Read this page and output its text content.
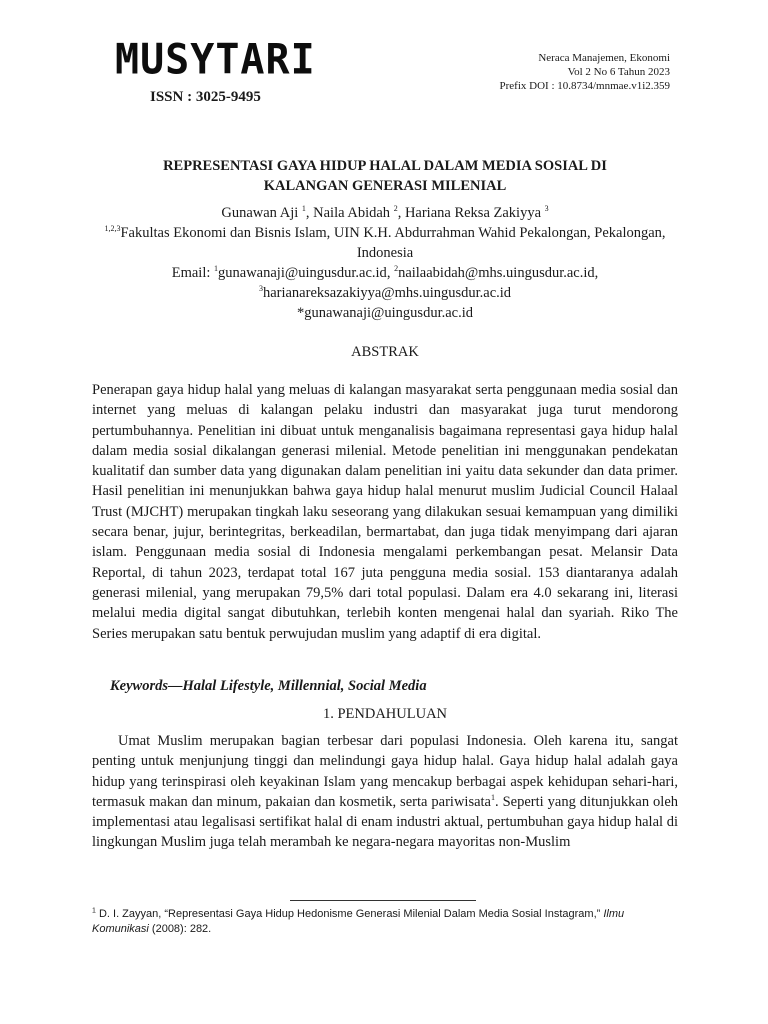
MUSYTARI
ISSN : 3025-9495
Neraca Manajemen, Ekonomi
Vol 2 No 6 Tahun 2023
Prefix DOI : 10.8734/mnmae.v1i2.359
REPRESENTASI GAYA HIDUP HALAL DALAM MEDIA SOSIAL DI
KALANGAN GENERASI MILENIAL
Gunawan Aji $^1$, Naila Abidah $^2$, Hariana Reksa Zakiyya $^3$
$^{1,2,3}$Fakultas Ekonomi dan Bisnis Islam, UIN K.H. Abdurrahman Wahid Pekalongan, Pekalongan, Indonesia
Email: $^1$gunawanaji@uingusdur.ac.id, $^2$nailaabidah@mhs.uingusdur.ac.id,
$^3$harianareksazakiyya@mhs.uingusdur.ac.id
*gunawanaji@uingusdur.ac.id
ABSTRAK
Penerapan gaya hidup halal yang meluas di kalangan masyarakat serta penggunaan media sosial dan internet yang meluas di kalangan pelaku industri dan masyarakat juga turut mendorong pertumbuhannya. Penelitian ini dibuat untuk menganalisis bagaimana representasi gaya hidup halal dalam media sosial dikalangan generasi milenial. Metode penelitian ini menggunakan pendekatan kualitatif dan sumber data yang digunakan dalam penelitian ini yaitu data sekunder dan data primer. Hasil penelitian ini menunjukkan bahwa gaya hidup halal menurut muslim Judicial Council Halaal Trust (MJCHT) merupakan tingkah laku seseorang yang dilakukan sesuai kemampuan yang dimiliki secara benar, jujur, berintegritas, berkeadilan, bermartabat, dan juga tidak menyimpang dari ajaran islam. Penggunaan media sosial di Indonesia mengalami perkembangan pesat. Melansir Data Reportal, di tahun 2023, terdapat total 167 juta pengguna media sosial. 153 diantaranya adalah generasi milenial, yang merupakan 79,5% dari total populasi. Dalam era 4.0 sekarang ini, literasi melalui media digital sangat dibutuhkan, terlebih konten mengenai halal dan syariah. Riko The Series merupakan satu bentuk perwujudan muslim yang adaptif di era digital.
Keywords—Halal Lifestyle, Millennial, Social Media
1. PENDAHULUAN
Umat Muslim merupakan bagian terbesar dari populasi Indonesia. Oleh karena itu, sangat penting untuk menjunjung tinggi dan melindungi gaya hidup halal. Gaya hidup halal adalah gaya hidup yang terinspirasi oleh keyakinan Islam yang mencakup berbagai aspek kehidupan sehari-hari, termasuk makan dan minum, pakaian dan kosmetik, serta pariwisata$^1$. Seperti yang ditunjukkan oleh implementasi atau legalisasi sertifikat halal di enam industri aktual, pertumbuhan gaya hidup halal di lingkungan Muslim juga telah merambah ke negara-negara mayoritas non-Muslim
$^1$ D. I. Zayyan, “Representasi Gaya Hidup Hedonisme Generasi Milenial Dalam Media Sosial Instagram,” Ilmu Komunikasi (2008): 282.
